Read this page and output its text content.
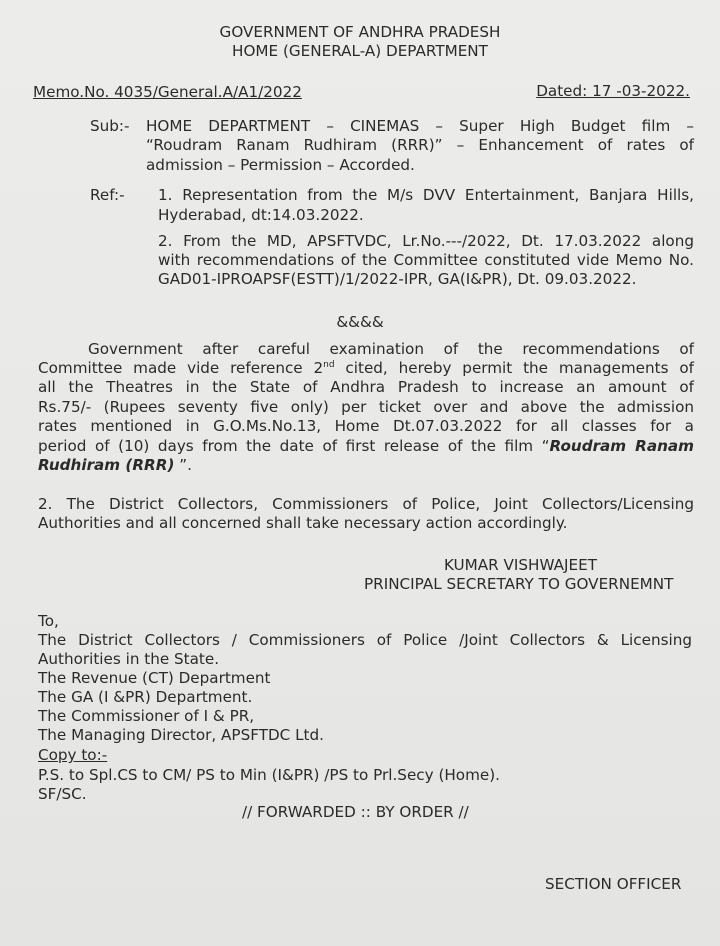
GOVERNMENT OF ANDHRA PRADESH
HOME (GENERAL-A) DEPARTMENT
Memo.No. 4035/General.A/A1/2022	Dated: 17 -03-2022.
Sub:- HOME DEPARTMENT – CINEMAS – Super High Budget film –
“Roudram Ranam Rudhiram (RRR)” – Enhancement of rates of
admission – Permission – Accorded.
Ref:- 1. Representation from the M/s DVV Entertainment, Banjara Hills,
Hyderabad, dt:14.03.2022.
2. From the MD, APSFTVDC, Lr.No.---/2022, Dt. 17.03.2022 along
with recommendations of the Committee constituted vide Memo No.
GAD01-IPROAPSF(ESTT)/1/2022-IPR, GA(I&PR), Dt. 09.03.2022.
&&&&
Government after careful examination of the recommendations of
Committee made vide reference 2nd cited, hereby permit the managements of
all the Theatres in the State of Andhra Pradesh to increase an amount of
Rs.75/- (Rupees seventy five only) per ticket over and above the admission
rates mentioned in G.O.Ms.No.13, Home Dt.07.03.2022 for all classes for a
period of (10) days from the date of first release of the film “Roudram Ranam
Rudhiram (RRR) ”.
2. The District Collectors, Commissioners of Police, Joint Collectors/Licensing
Authorities and all concerned shall take necessary action accordingly.
KUMAR VISHWAJEET
PRINCIPAL SECRETARY TO GOVERNEMNT
To,
The District Collectors / Commissioners of Police /Joint Collectors & Licensing
Authorities in the State.
The Revenue (CT) Department
The GA (I &PR) Department.
The Commissioner of I & PR,
The Managing Director, APSFTDC Ltd.
Copy to:-
P.S. to Spl.CS to CM/ PS to Min (I&PR) /PS to Prl.Secy (Home).
SF/SC.
// FORWARDED :: BY ORDER //
SECTION OFFICER
